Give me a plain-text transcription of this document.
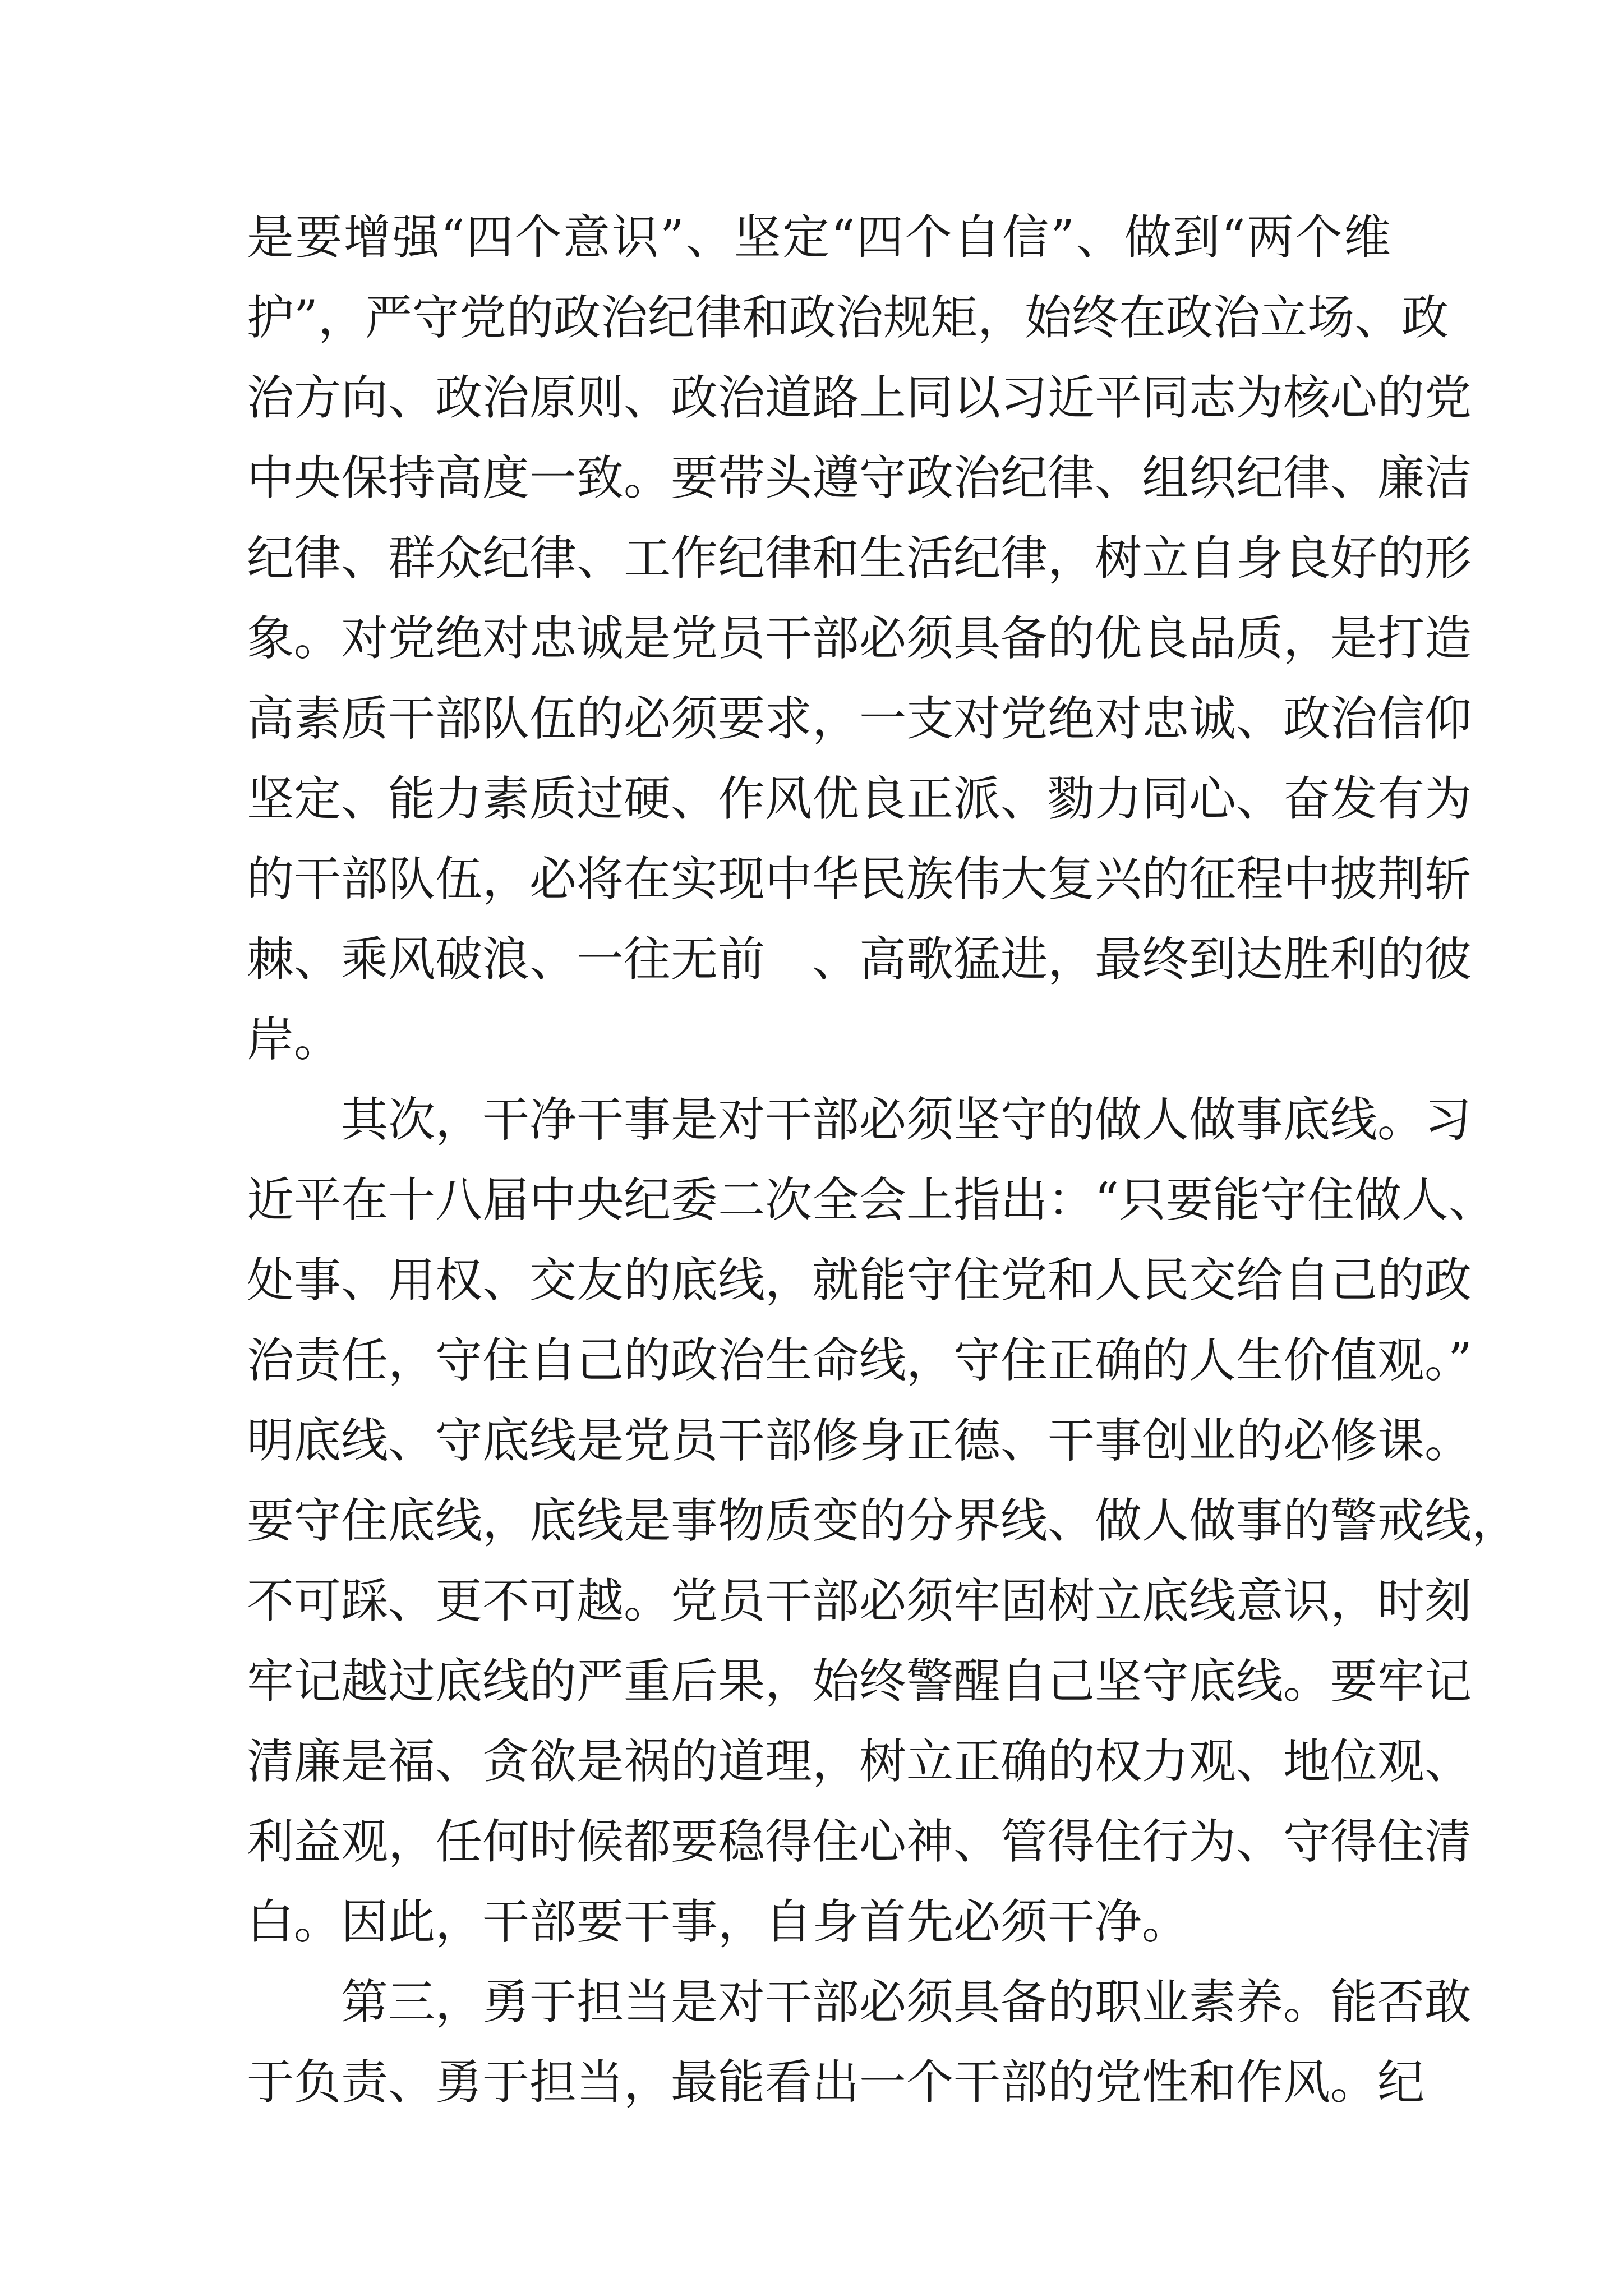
是要增强“四个意识”、坚定“四个自信”、做到“两个维
护”，严守党的政治纪律和政治规矩，始终在政治立场、政
治方向、政治原则、政治道路上同以习近平同志为核心的党
中央保持高度一致。要带头遵守政治纪律、组织纪律、廉洁
纪律、群众纪律、工作纪律和生活纪律，树立自身良好的形
象。对党绝对忠诚是党员干部必须具备的优良品质，是打造
高素质干部队伍的必须要求，一支对党绝对忠诚、政治信仰
坚定、能力素质过硬、作风优良正派、勠力同心、奋发有为
的干部队伍，必将在实现中华民族伟大复兴的征程中披荆斩
棘、乘风破浪、一往无前　、高歌猛进，最终到达胜利的彼
岸。
其次，干净干事是对干部必须坚守的做人做事底线。习
近平在十八届中央纪委二次全会上指出：“只要能守住做人、
处事、用权、交友的底线，就能守住党和人民交给自己的政
治责任，守住自己的政治生命线，守住正确的人生价值观。”
明底线、守底线是党员干部修身正德、干事创业的必修课。
要守住底线，底线是事物质变的分界线、做人做事的警戒线，
不可踩、更不可越。党员干部必须牢固树立底线意识，时刻
牢记越过底线的严重后果，始终警醒自己坚守底线。要牢记
清廉是福、贪欲是祸的道理，树立正确的权力观、地位观、
利益观，任何时候都要稳得住心神、管得住行为、守得住清
白。因此，干部要干事，自身首先必须干净。
第三，勇于担当是对干部必须具备的职业素养。能否敢
于负责、勇于担当，最能看出一个干部的党性和作风。纪
